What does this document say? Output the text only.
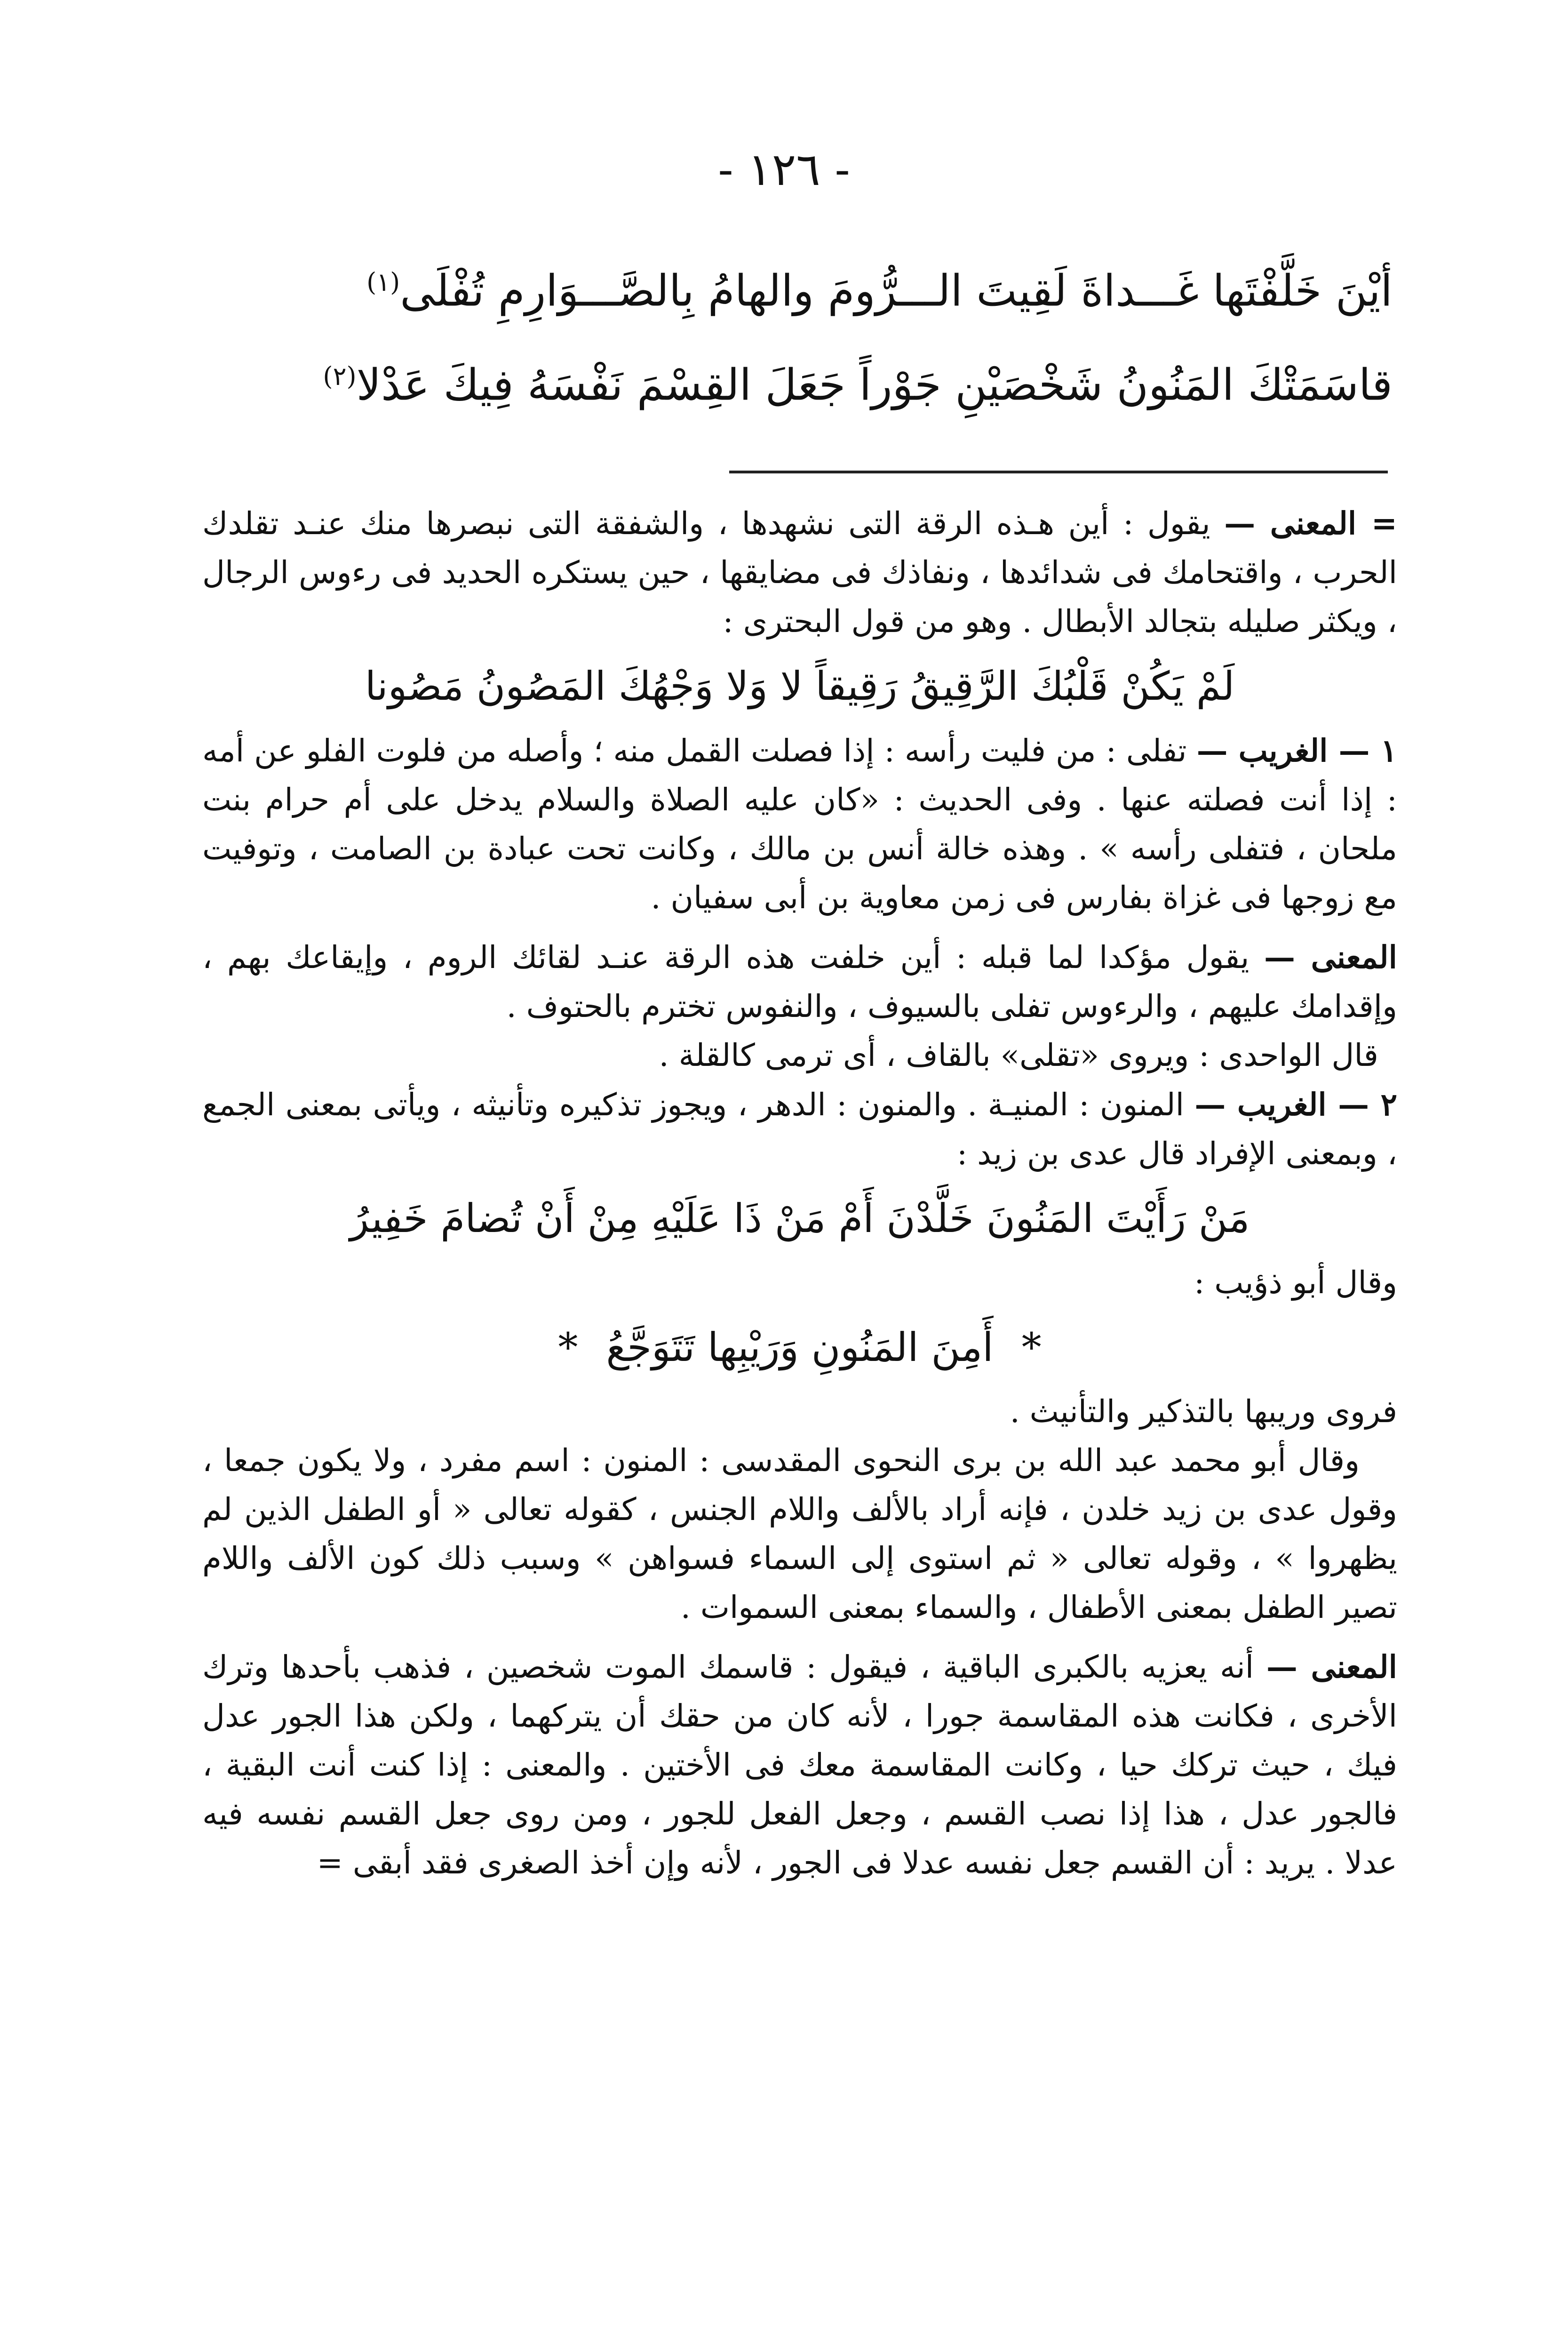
- ١٢٦ -
أيْنَ خَلَّفْتَها غَـــداةَ لَقِيتَ الـــرُّومَ والهامُ بِالصَّـــوَارِمِ تُفْلَى$^{(١)}$
قاسَمَتْكَ المَنُونُ شَخْصَيْنِ جَوْراً جَعَلَ القِسْمَ نَفْسَهُ فِيكَ عَدْلا$^{(٢)}$

= المعنى — يقول : أين هـذه الرقة التى نشهدها ، والشفقة التى نبصرها منك عنـد تقلدك الحرب ، واقتحامك فى شدائدها ، ونفاذك فى مضايقها ، حين يستكره الحديد فى رءوس الرجال ، ويكثر صليله بتجالد الأبطال . وهو من قول البحترى :

لَمْ يَكُنْ قَلْبُكَ الرَّقِيقُ رَقِيقاً لا وَلا وَجْهُكَ المَصُونُ مَصُونا

١ — الغريب — تفلى : من فليت رأسه : إذا فصلت القمل منه ؛ وأصله من فلوت الفلو عن أمه : إذا أنت فصلته عنها . وفى الحديث : «كان عليه الصلاة والسلام يدخل على أم حرام بنت ملحان ، فتفلى رأسه » . وهذه خالة أنس بن مالك ، وكانت تحت عبادة بن الصامت ، وتوفيت مع زوجها فى غزاة بفارس فى زمن معاوية بن أبى سفيان .

المعنى — يقول مؤكدا لما قبله : أين خلفت هذه الرقة عنـد لقائك الروم ، وإيقاعك بهم ، وإقدامك عليهم ، والرءوس تفلى بالسيوف ، والنفوس تخترم بالحتوف .

قال الواحدى : ويروى «تقلى» بالقاف ، أى ترمى كالقلة .

٢ — الغريب — المنون : المنيـة . والمنون : الدهر ، ويجوز تذكيره وتأنيثه ، ويأتى بمعنى الجمع ، وبمعنى الإفراد قال عدى بن زيد :

مَنْ رَأَيْتَ المَنُونَ خَلَّدْنَ أَمْ مَنْ ذَا عَلَيْهِ مِنْ أَنْ تُضامَ خَفِيرُ

وقال أبو ذؤيب :

*أَمِنَ المَنُونِ وَرَيْبِها تَتَوَجَّعُ*

فروى وريبها بالتذكير والتأنيث .

وقال أبو محمد عبد الله بن برى النحوى المقدسى : المنون : اسم مفرد ، ولا يكون جمعا ، وقول عدى بن زيد خلدن ، فإنه أراد بالألف واللام الجنس ، كقوله تعالى « أو الطفل الذين لم يظهروا » ، وقوله تعالى « ثم استوى إلى السماء فسواهن » وسبب ذلك كون الألف واللام تصير الطفل بمعنى الأطفال ، والسماء بمعنى السموات .

المعنى — أنه يعزيه بالكبرى الباقية ، فيقول : قاسمك الموت شخصين ، فذهب بأحدها وترك الأخرى ، فكانت هذه المقاسمة جورا ، لأنه كان من حقك أن يتركهما ، ولكن هذا الجور عدل فيك ، حيث تركك حيا ، وكانت المقاسمة معك فى الأختين . والمعنى : إذا كنت أنت البقية ، فالجور عدل ، هذا إذا نصب القسم ، وجعل الفعل للجور ، ومن روى جعل القسم نفسه فيه عدلا . يريد : أن القسم جعل نفسه عدلا فى الجور ، لأنه وإن أخذ الصغرى فقد أبقى =
